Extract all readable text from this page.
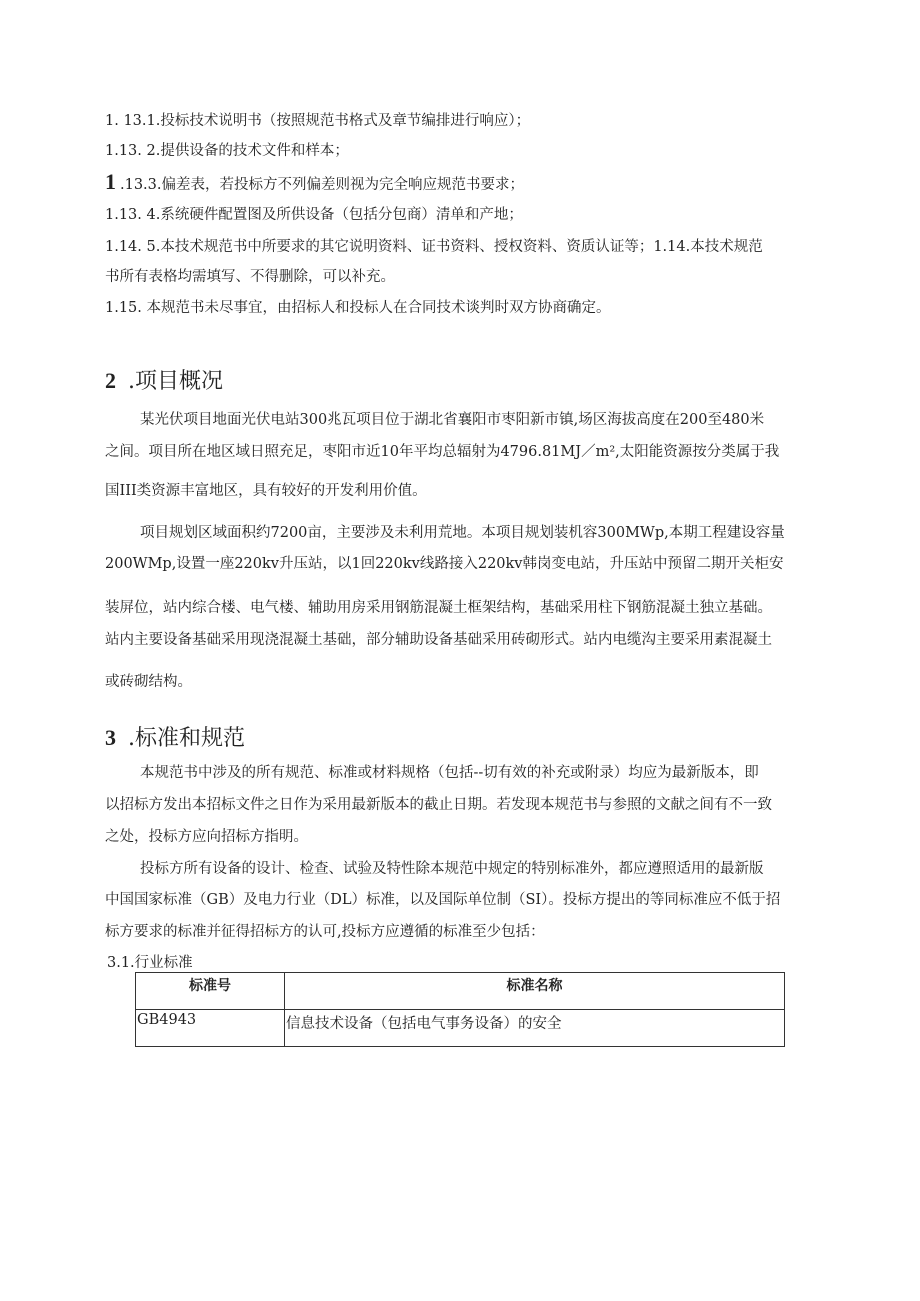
1. 13.1.投标技术说明书（按照规范书格式及章节编排进行响应）；
1.13. 2.提供设备的技术文件和样本；
1 .13.3.偏差表，若投标方不列偏差则视为完全响应规范书要求；
1.13. 4.系统硬件配置图及所供设备（包括分包商）清单和产地；
1.14. 5.本技术规范书中所要求的其它说明资料、证书资料、授权资料、资质认证等；1.14.本技术规范
书所有表格均需填写、不得删除，可以补充。
1.15. 本规范书未尽事宜，由招标人和投标人在合同技术谈判时双方协商确定。
2 .项目概况
某光伏项目地面光伏电站300兆瓦项目位于湖北省襄阳市枣阳新市镇,场区海拔高度在200至480米
之间。项目所在地区域日照充足，枣阳市近10年平均总辐射为4796.81MJ／m²,太阳能资源按分类属于我
国III类资源丰富地区，具有较好的开发利用价值。
项目规划区域面积约7200亩，主要涉及未利用荒地。本项目规划装机容300MWp,本期工程建设容量
200WMp,设置一座220kv升压站，以1回220kv线路接入220kv韩岗变电站，升压站中预留二期开关柜安
装屏位，站内综合楼、电气楼、辅助用房采用钢筋混凝土框架结构，基础采用柱下钢筋混凝土独立基础。
站内主要设备基础采用现浇混凝土基础，部分辅助设备基础采用砖砌形式。站内电缆沟主要采用素混凝土
或砖砌结构。
3 .标准和规范
本规范书中涉及的所有规范、标准或材料规格（包括--切有效的补充或附录）均应为最新版本，即
以招标方发出本招标文件之日作为采用最新版本的截止日期。若发现本规范书与参照的文献之间有不一致
之处，投标方应向招标方指明。
投标方所有设备的设计、检查、试验及特性除本规范中规定的特别标准外，都应遵照适用的最新版
中国国家标准（GB）及电力行业（DL）标准，以及国际单位制（SI）。投标方提出的等同标准应不低于招
标方要求的标准并征得招标方的认可,投标方应遵循的标准至少包括：
3.1.行业标准
标准号	标准名称
GB4943	信息技术设备（包括电气事务设备）的安全
